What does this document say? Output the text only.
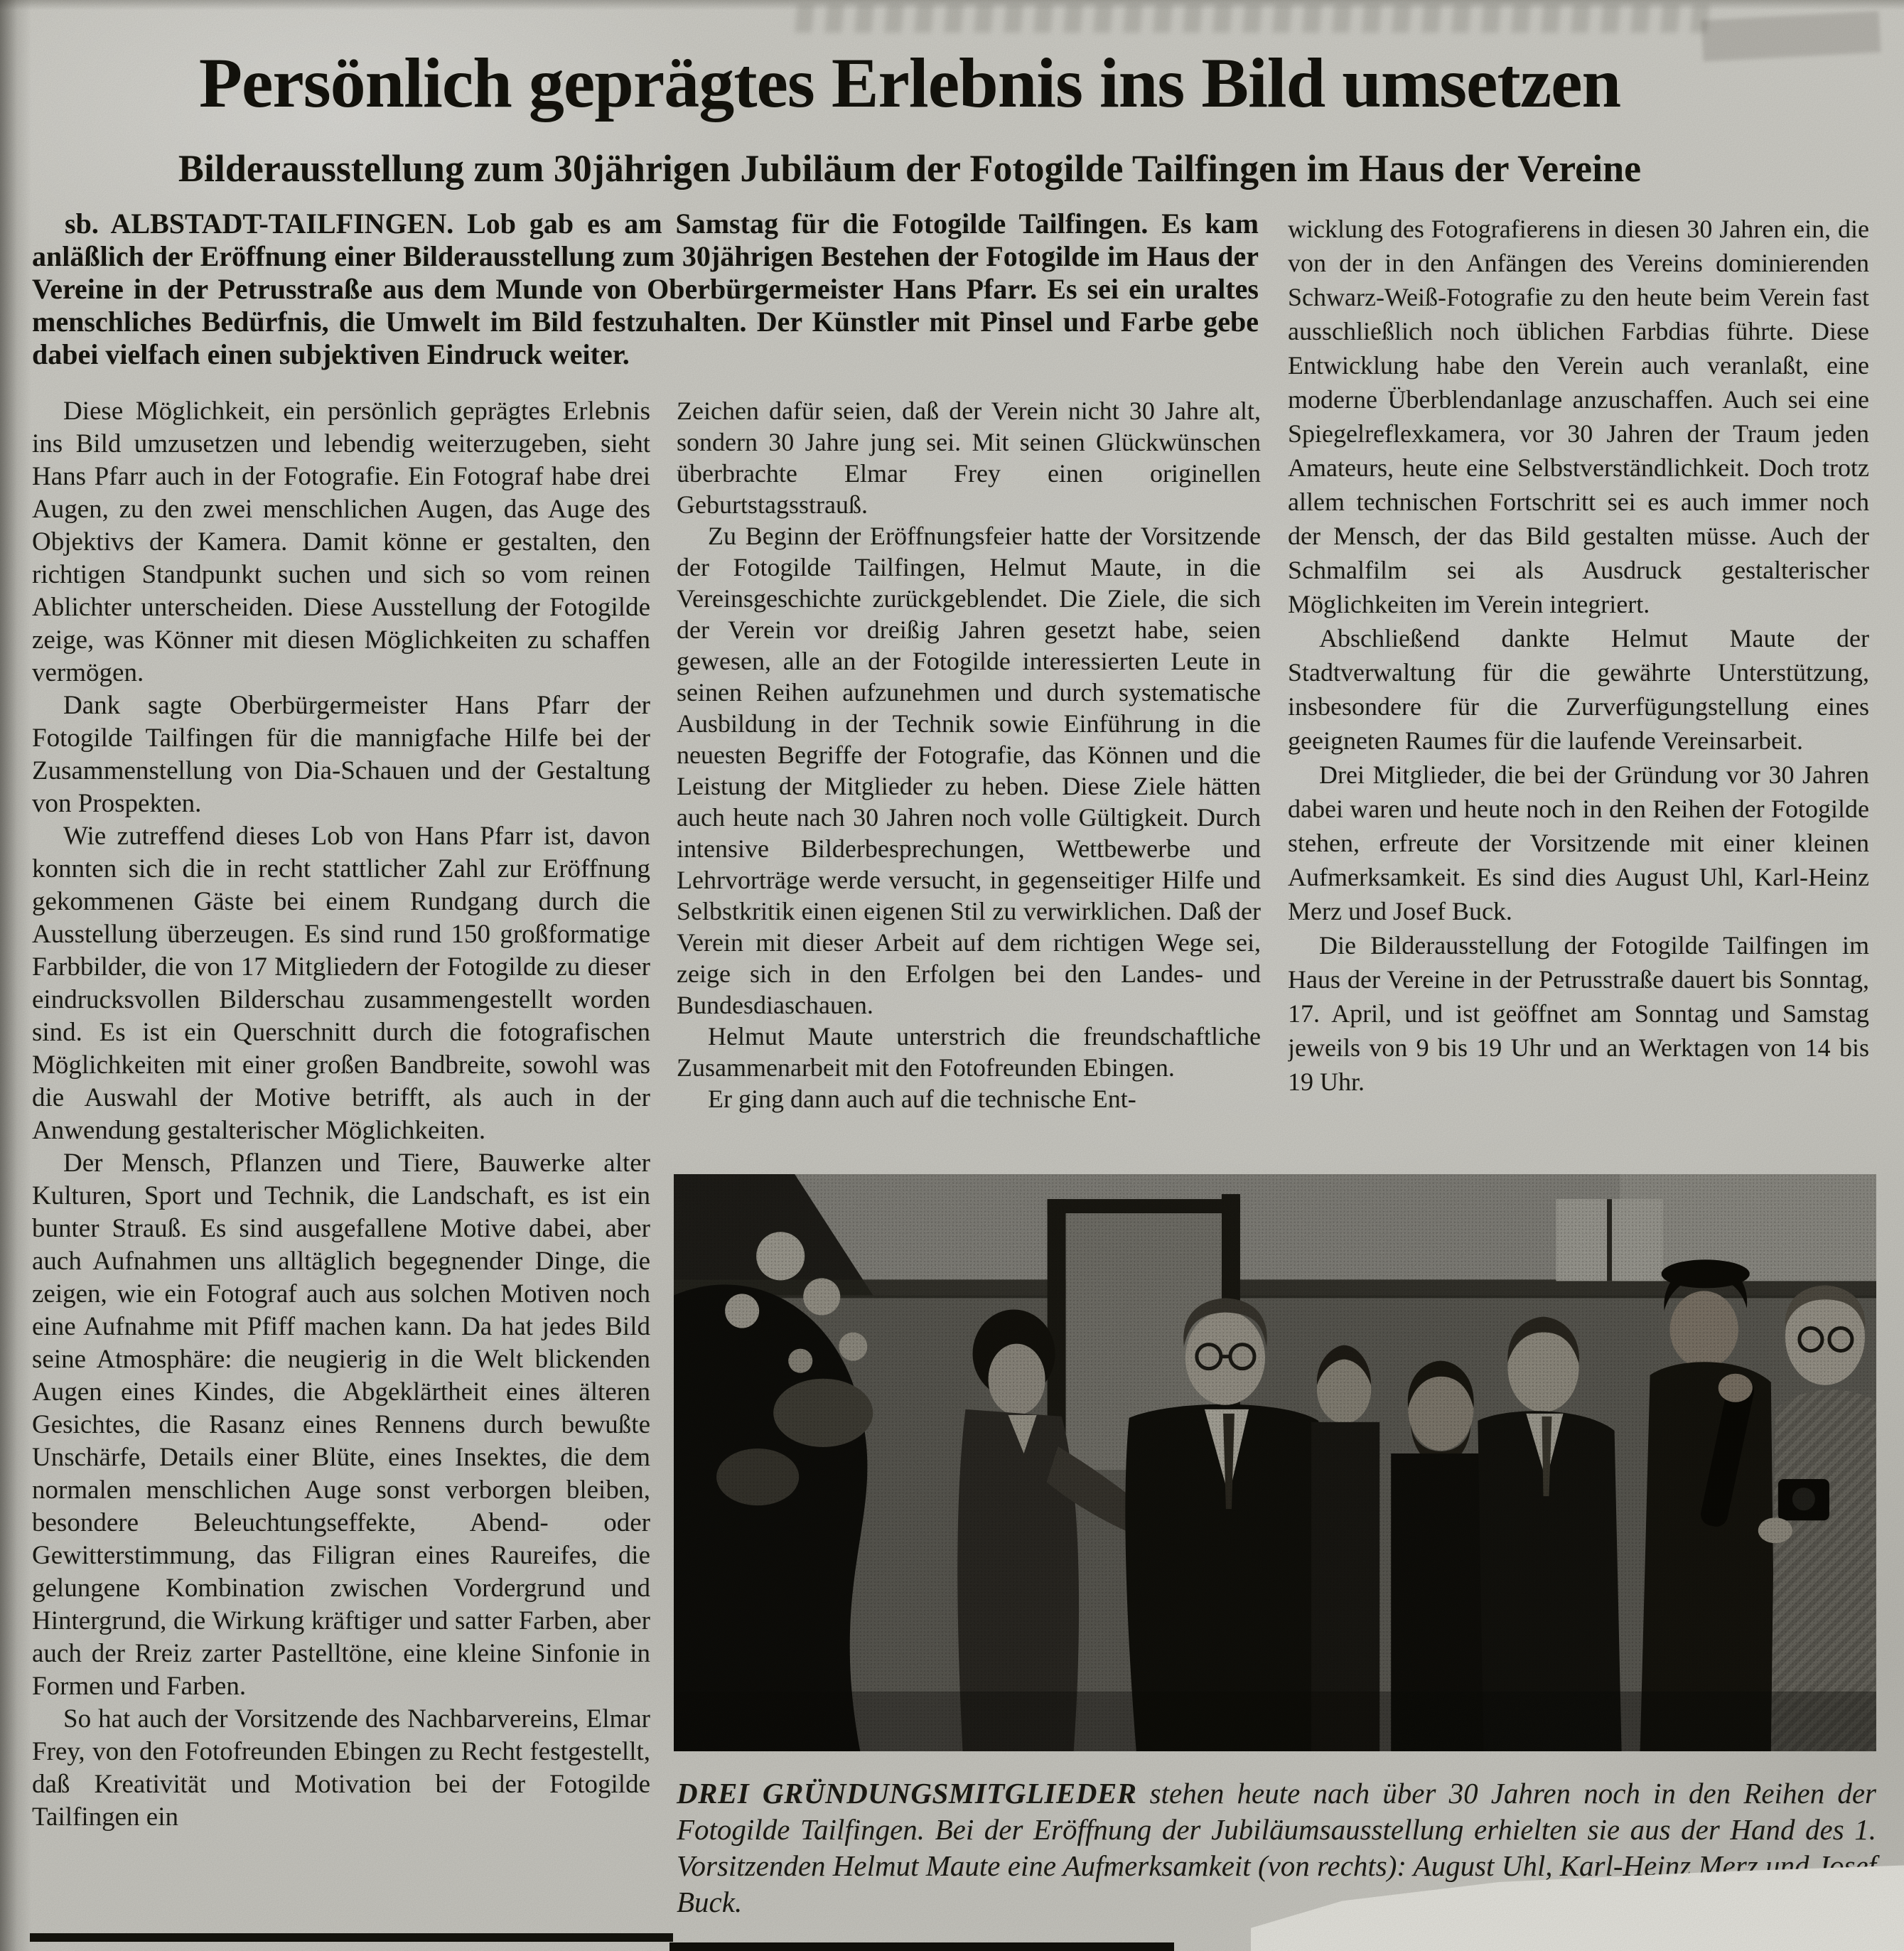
Persönlich geprägtes Erlebnis ins Bild umsetzen
Bilderausstellung zum 30jährigen Jubiläum der Fotogilde Tailfingen im Haus der Vereine

sb. ALBSTADT-TAILFINGEN. Lob gab es am Samstag für die Fotogilde Tailfingen. Es kam anläßlich der Eröffnung einer Bilderausstellung zum 30jährigen Bestehen der Fotogilde im Haus der Vereine in der Petrusstraße aus dem Munde von Oberbürgermeister Hans Pfarr. Es sei ein uraltes menschliches Bedürfnis, die Umwelt im Bild festzuhalten. Der Künstler mit Pinsel und Farbe gebe dabei vielfach einen subjektiven Eindruck weiter.

Diese Möglichkeit, ein persönlich geprägtes Erlebnis ins Bild umzusetzen und lebendig weiterzugeben, sieht Hans Pfarr auch in der Fotografie. Ein Fotograf habe drei Augen, zu den zwei menschlichen Augen, das Auge des Objektivs der Kamera. Damit könne er gestalten, den richtigen Standpunkt suchen und sich so vom reinen Ablichter unterscheiden. Diese Ausstellung der Fotogilde zeige, was Könner mit diesen Möglichkeiten zu schaffen vermögen.

Dank sagte Oberbürgermeister Hans Pfarr der Fotogilde Tailfingen für die mannigfache Hilfe bei der Zusammenstellung von Dia-Schauen und der Gestaltung von Prospekten.

Wie zutreffend dieses Lob von Hans Pfarr ist, davon konnten sich die in recht stattlicher Zahl zur Eröffnung gekommenen Gäste bei einem Rundgang durch die Ausstellung überzeugen. Es sind rund 150 großformatige Farbbilder, die von 17 Mitgliedern der Fotogilde zu dieser eindrucksvollen Bilderschau zusammengestellt worden sind. Es ist ein Querschnitt durch die fotografischen Möglichkeiten mit einer großen Bandbreite, sowohl was die Auswahl der Motive betrifft, als auch in der Anwendung gestalterischer Möglichkeiten.

Der Mensch, Pflanzen und Tiere, Bauwerke alter Kulturen, Sport und Technik, die Landschaft, es ist ein bunter Strauß. Es sind ausgefallene Motive dabei, aber auch Aufnahmen uns alltäglich begegnender Dinge, die zeigen, wie ein Fotograf auch aus solchen Motiven noch eine Aufnahme mit Pfiff machen kann. Da hat jedes Bild seine Atmosphäre: die neugierig in die Welt blickenden Augen eines Kindes, die Abgeklärtheit eines älteren Gesichtes, die Rasanz eines Rennens durch bewußte Unschärfe, Details einer Blüte, eines Insektes, die dem normalen menschlichen Auge sonst verborgen bleiben, besondere Beleuchtungseffekte, Abend- oder Gewitterstimmung, das Filigran eines Raureifes, die gelungene Kombination zwischen Vordergrund und Hintergrund, die Wirkung kräftiger und satter Farben, aber auch der Rreiz zarter Pastelltöne, eine kleine Sinfonie in Formen und Farben.

So hat auch der Vorsitzende des Nachbarvereins, Elmar Frey, von den Fotofreunden Ebingen zu Recht festgestellt, daß Kreativität und Motivation bei der Fotogilde Tailfingen ein

Zeichen dafür seien, daß der Verein nicht 30 Jahre alt, sondern 30 Jahre jung sei. Mit seinen Glückwünschen überbrachte Elmar Frey einen originellen Geburtstagsstrauß.

Zu Beginn der Eröffnungsfeier hatte der Vorsitzende der Fotogilde Tailfingen, Helmut Maute, in die Vereinsgeschichte zurückgeblendet. Die Ziele, die sich der Verein vor dreißig Jahren gesetzt habe, seien gewesen, alle an der Fotogilde interessierten Leute in seinen Reihen aufzunehmen und durch systematische Ausbildung in der Technik sowie Einführung in die neuesten Begriffe der Fotografie, das Können und die Leistung der Mitglieder zu heben. Diese Ziele hätten auch heute nach 30 Jahren noch volle Gültigkeit. Durch intensive Bilderbesprechungen, Wettbewerbe und Lehrvorträge werde versucht, in gegenseitiger Hilfe und Selbstkritik einen eigenen Stil zu verwirklichen. Daß der Verein mit dieser Arbeit auf dem richtigen Wege sei, zeige sich in den Erfolgen bei den Landes- und Bundesdiaschauen.

Helmut Maute unterstrich die freundschaftliche Zusammenarbeit mit den Fotofreunden Ebingen.

Er ging dann auch auf die technische Ent-

wicklung des Fotografierens in diesen 30 Jahren ein, die von der in den Anfängen des Vereins dominierenden Schwarz-Weiß-Fotografie zu den heute beim Verein fast ausschließlich noch üblichen Farbdias führte. Diese Entwicklung habe den Verein auch veranlaßt, eine moderne Überblendanlage anzuschaffen. Auch sei eine Spiegelreflexkamera, vor 30 Jahren der Traum jeden Amateurs, heute eine Selbstverständlichkeit. Doch trotz allem technischen Fortschritt sei es auch immer noch der Mensch, der das Bild gestalten müsse. Auch der Schmalfilm sei als Ausdruck gestalterischer Möglichkeiten im Verein integriert.

Abschließend dankte Helmut Maute der Stadtverwaltung für die gewährte Unterstützung, insbesondere für die Zurverfügungstellung eines geeigneten Raumes für die laufende Vereinsarbeit.

Drei Mitglieder, die bei der Gründung vor 30 Jahren dabei waren und heute noch in den Reihen der Fotogilde stehen, erfreute der Vorsitzende mit einer kleinen Aufmerksamkeit. Es sind dies August Uhl, Karl-Heinz Merz und Josef Buck.

Die Bilderausstellung der Fotogilde Tailfingen im Haus der Vereine in der Petrusstraße dauert bis Sonntag, 17. April, und ist geöffnet am Sonntag und Samstag jeweils von 9 bis 19 Uhr und an Werktagen von 14 bis 19 Uhr.

DREI GRÜNDUNGSMITGLIEDER stehen heute nach über 30 Jahren noch in den Reihen der Fotogilde Tailfingen. Bei der Eröffnung der Jubiläumsausstellung erhielten sie aus der Hand des 1. Vorsitzenden Helmut Maute eine Aufmerksamkeit (von rechts): August Uhl, Karl-Heinz Merz und Josef Buck.
